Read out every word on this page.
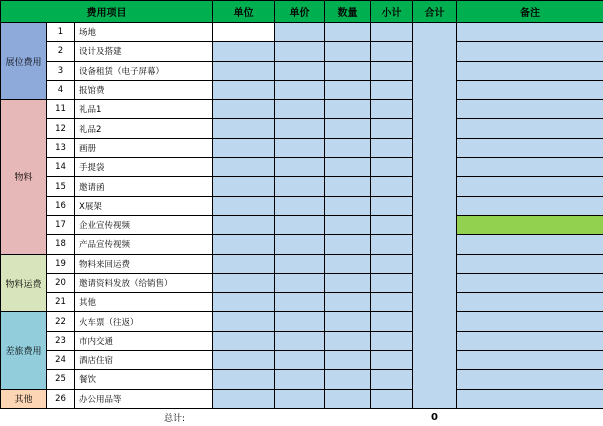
费用项目			单位	单价	数量	小计	合计	备注
展位费用	1	场地						
	2	设计及搭建						
	3	设备租赁（电子屏幕）						
	4	报馆费						
物料	11	礼品1						
	12	礼品2						
	13	画册						
	14	手提袋						
	15	邀请函						
	16	X展架						
	17	企业宣传视频						
	18	产品宣传视频						
物料运费	19	物料来回运费						
	20	邀请资料发放（给销售）						
	21	其他						
差旅费用	22	火车票（往返）						
	23	市内交通						
	24	酒店住宿						
	25	餐饮						
其他	26	办公用品等						
		总计:					0	
